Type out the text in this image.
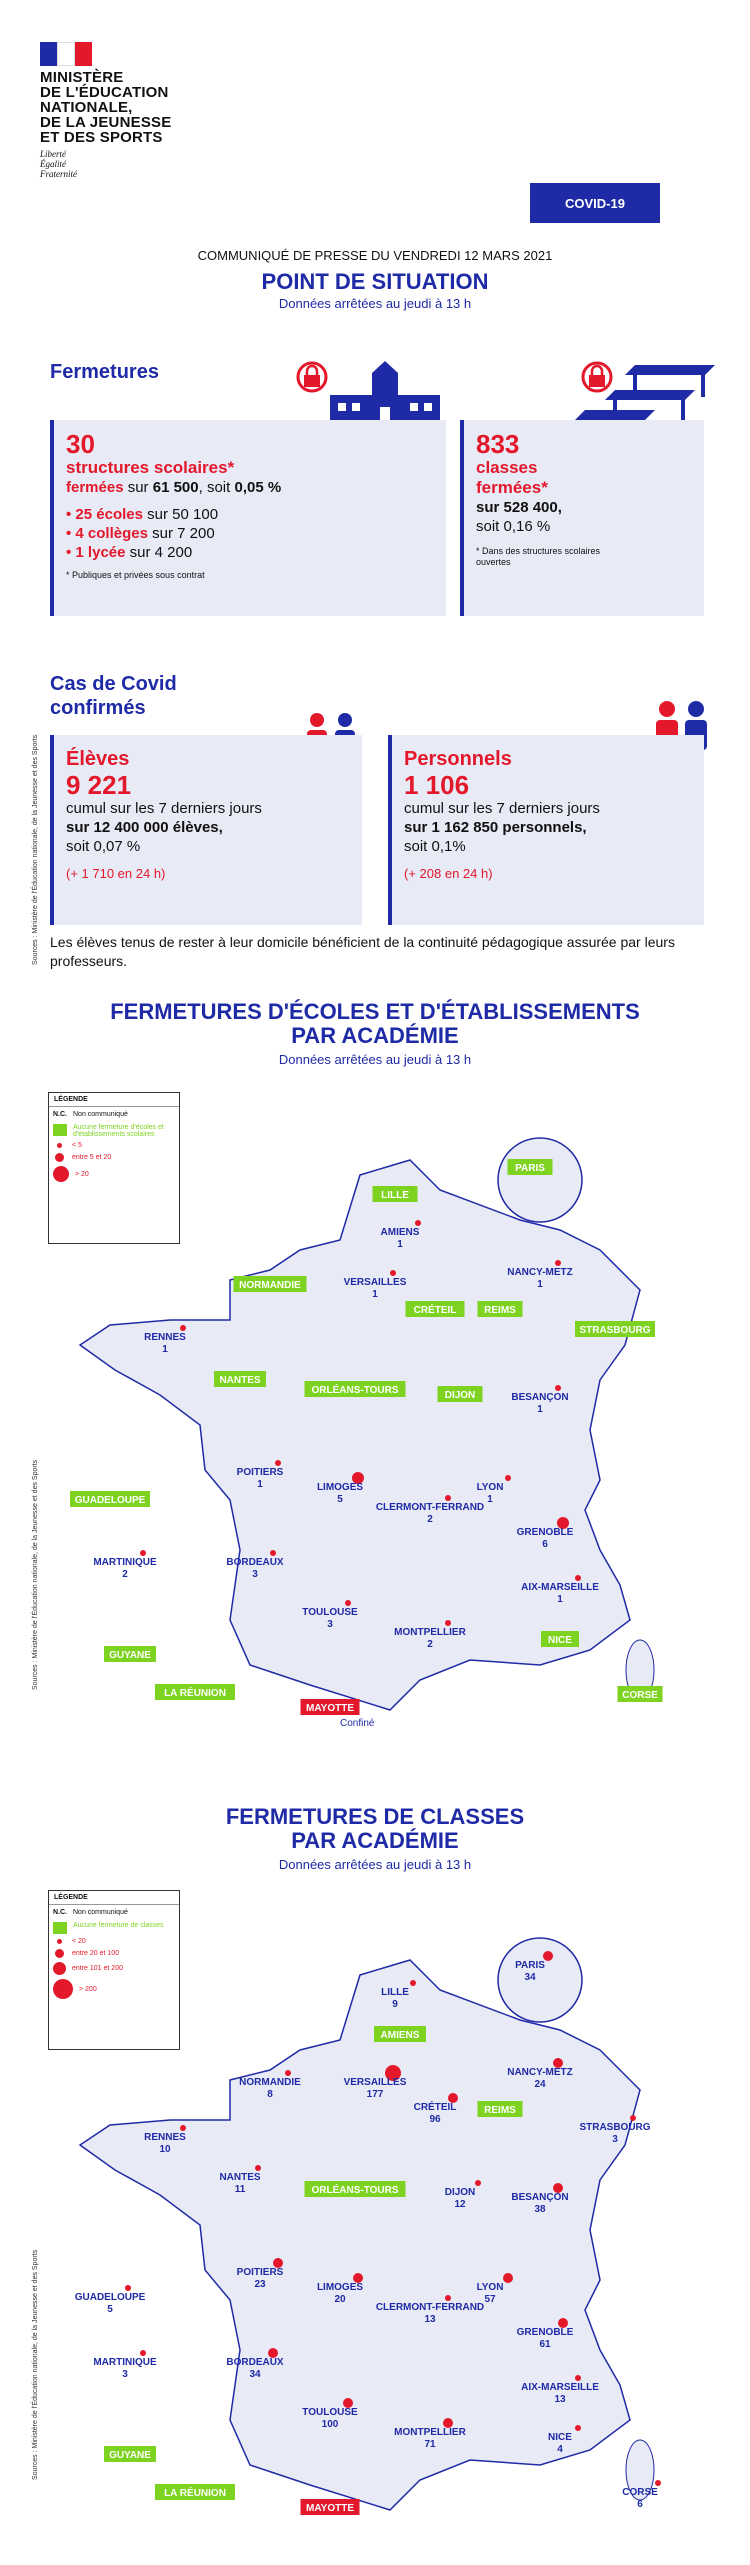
MINISTÈRE
DE L'ÉDUCATION
NATIONALE,
DE LA JEUNESSE
ET DES SPORTS
Liberté
Égalité
Fraternité
COVID-19
COMMUNIQUÉ DE PRESSE DU VENDREDI 12 MARS 2021
POINT DE SITUATION
Données arrêtées au jeudi à 13 h
Fermetures
30
structures scolaires*
fermées sur 61 500, soit 0,05 %
• 25 écoles sur 50 100
• 4 collèges sur 7 200
• 1 lycée sur 4 200
* Publiques et privées sous contrat
833
classes
fermées*
sur 528 400,
soit 0,16 %
* Dans des structures scolaires ouvertes
Cas de Covid
confirmés
Sources : Ministère de l'Éducation nationale, de la Jeunesse et des Sports Élèves
9 221
cumul sur les 7 derniers jours
sur 12 400 000 élèves,
soit 0,07 %
(+ 1 710 en 24 h)
Personnels
1 106
cumul sur les 7 derniers jours
sur 1 162 850 personnels,
soit 0,1%
(+ 208 en 24 h)
Les élèves tenus de rester à leur domicile bénéficient de la continuité pédagogique assurée par leurs professeurs.
FERMETURES D'ÉCOLES ET D'ÉTABLISSEMENTS
PAR ACADÉMIE
Données arrêtées au jeudi à 13 h
Sources : Ministère de l'Éducation nationale, de la Jeunesse et des Sports
LÉGENDE
N.C. Non communiqué
Aucune fermeture d'écoles et d'établissements scolaires
< 5
entre 5 et 20
> 20
LILLE
PARIS
AMIENS
1
NORMANDIE	VERSAILLES
1
CRÉTEIL	REIMS
NANCY-METZ
1
STRASBOURG
RENNES
1
NANTES
ORLÉANS-TOURS	DIJON	BESANÇON
1
POITIERS
1	LIMOGES
5
CLERMONT-FERRAND
2
LYON
1
GRENOBLE
6
BORDEAUX
3
AIX-MARSEILLE
1
TOULOUSE
3
MONTPELLIER
2	NICE
GUADELOUPE
MARTINIQUE
2
GUYANE
LA RÉUNION
MAYOTTE
CORSE
Confiné
FERMETURES DE CLASSES
PAR ACADÉMIE
Données arrêtées au jeudi à 13 h
Sources : Ministère de l'Éducation nationale, de la Jeunesse et des Sports
LÉGENDE
N.C. Non communiqué
Aucune fermeture de classes
< 20
entre 20 et 100
entre 101 et 200
> 200	LILLE
9
PARIS
34
AMIENS
NORMANDIE
8
VERSAILLES
177
CRÉTEIL
96
REIMS
NANCY-METZ
24
STRASBOURG
3
RENNES
10
NANTES
11	ORLÉANS-TOURS	DIJON
12
BESANÇON
38
POITIERS
23	LIMOGES
20
CLERMONT-FERRAND
13
LYON
57
GRENOBLE
61
BORDEAUX
34
AIX-MARSEILLE
13
TOULOUSE
100
MONTPELLIER
71
NICE
4
GUADELOUPE
5
MARTINIQUE
3
GUYANE
LA RÉUNION
MAYOTTE
CORSE
6
